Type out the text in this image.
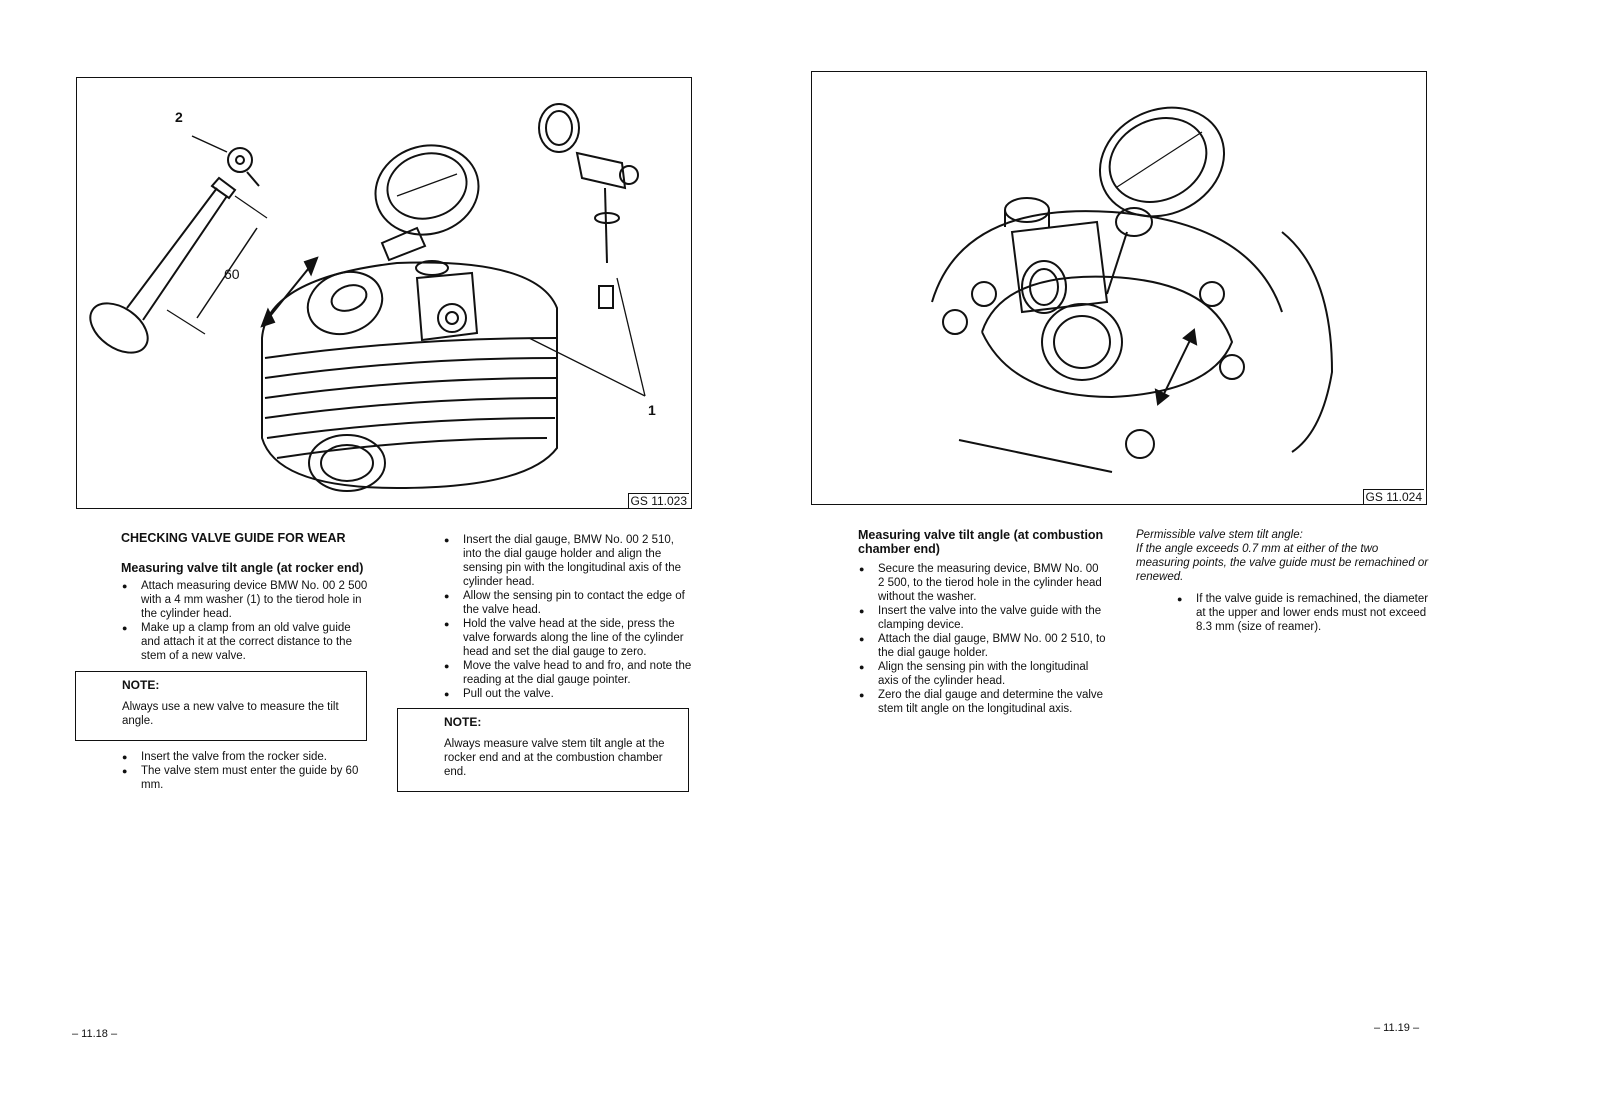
2
1
60
GS 11.023
CHECKING VALVE GUIDE FOR WEAR
Measuring valve tilt angle (at rocker end)
● Attach measuring device BMW No. 00 2 500 with a 4 mm washer (1) to the tierod hole in the cylinder head.
● Make up a clamp from an old valve guide and attach it at the correct distance to the stem of a new valve.
NOTE:
Always use a new valve to measure the tilt angle.
● Insert the valve from the rocker side.
● The valve stem must enter the guide by 60 mm.
● Insert the dial gauge, BMW No. 00 2 510, into the dial gauge holder and align the sensing pin with the longitudinal axis of the cylinder head.
● Allow the sensing pin to contact the edge of the valve head.
● Hold the valve head at the side, press the valve forwards along the line of the cylinder head and set the dial gauge to zero.
● Move the valve head to and fro, and note the reading at the dial gauge pointer.
● Pull out the valve.
NOTE:
Always measure valve stem tilt angle at the rocker end and at the combustion chamber end.
– 11.18 –
GS 11.024
Measuring valve tilt angle (at combustion chamber end)
● Secure the measuring device, BMW No. 00 2 500, to the tierod hole in the cylinder head without the washer.
● Insert the valve into the valve guide with the clamping device.
● Attach the dial gauge, BMW No. 00 2 510, to the dial gauge holder.
● Align the sensing pin with the longitudinal axis of the cylinder head.
● Zero the dial gauge and determine the valve stem tilt angle on the longitudinal axis.
Permissible valve stem tilt angle:
If the angle exceeds 0.7 mm at either of the two measuring points, the valve guide must be remachined or renewed.
● If the valve guide is remachined, the diameter at the upper and lower ends must not exceed 8.3 mm (size of reamer).
– 11.19 –
